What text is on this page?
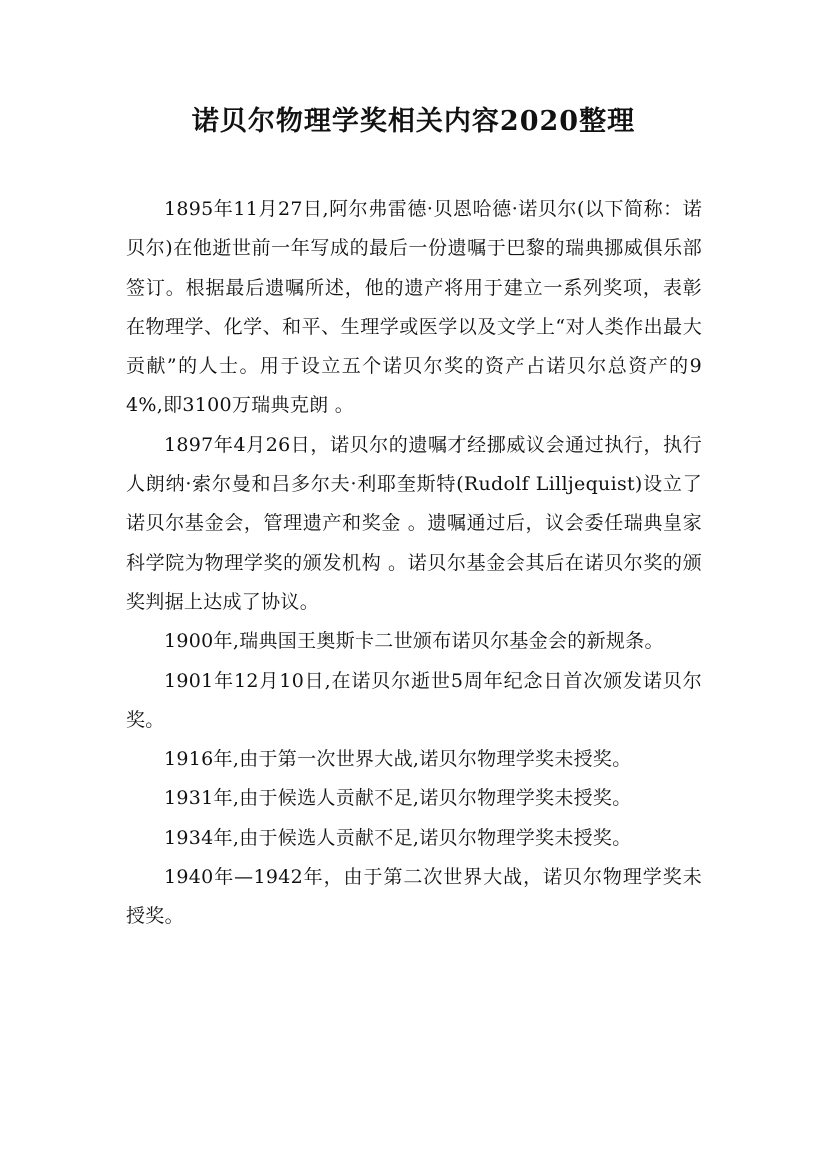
诺贝尔物理学奖相关内容2020整理

1895年11月27日,阿尔弗雷德·贝恩哈德·诺贝尔(以下简称：诺贝尔)在他逝世前一年写成的最后一份遗嘱于巴黎的瑞典挪威俱乐部签订。根据最后遗嘱所述，他的遗产将用于建立一系列奖项，表彰在物理学、化学、和平、生理学或医学以及文学上“对人类作出最大贡献”的人士。用于设立五个诺贝尔奖的资产占诺贝尔总资产的94%,即3100万瑞典克朗 。

1897年4月26日，诺贝尔的遗嘱才经挪威议会通过执行，执行人朗纳·索尔曼和吕多尔夫·利耶奎斯特(Rudolf Lilljequist)设立了诺贝尔基金会，管理遗产和奖金 。遗嘱通过后，议会委任瑞典皇家科学院为物理学奖的颁发机构 。诺贝尔基金会其后在诺贝尔奖的颁奖判据上达成了协议。

1900年,瑞典国王奥斯卡二世颁布诺贝尔基金会的新规条。

1901年12月10日,在诺贝尔逝世5周年纪念日首次颁发诺贝尔奖。

1916年,由于第一次世界大战,诺贝尔物理学奖未授奖。

1931年,由于候选人贡献不足,诺贝尔物理学奖未授奖。

1934年,由于候选人贡献不足,诺贝尔物理学奖未授奖。

1940年—1942年，由于第二次世界大战，诺贝尔物理学奖未授奖。
